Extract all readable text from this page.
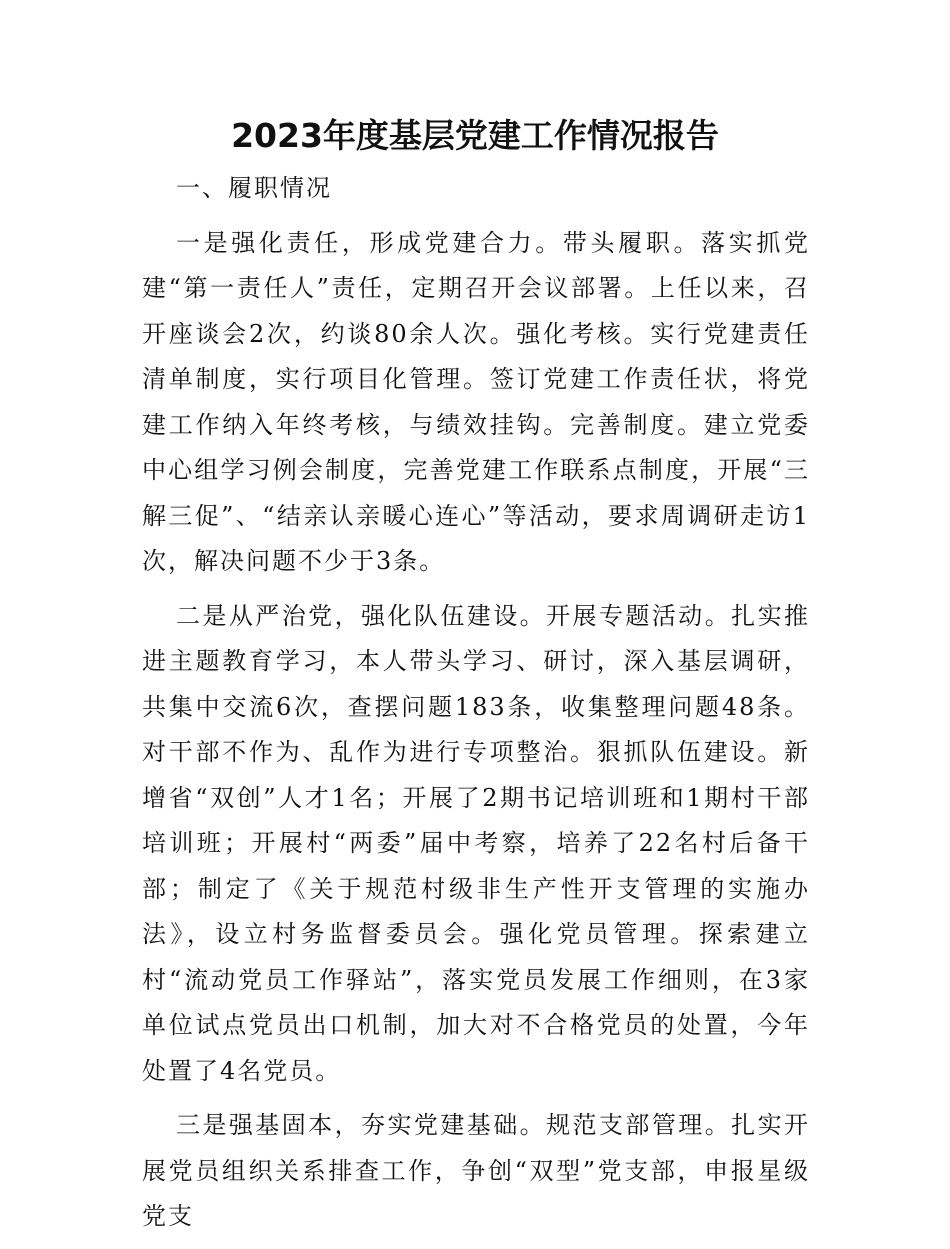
2023年度基层党建工作情况报告

一、履职情况

一是强化责任，形成党建合力。带头履职。落实抓党建“第一责任人”责任，定期召开会议部署。上任以来，召开座谈会2次，约谈80余人次。强化考核。实行党建责任清单制度，实行项目化管理。签订党建工作责任状，将党建工作纳入年终考核，与绩效挂钩。完善制度。建立党委中心组学习例会制度，完善党建工作联系点制度，开展“三解三促”、“结亲认亲暖心连心”等活动，要求周调研走访1次，解决问题不少于3条。

二是从严治党，强化队伍建设。开展专题活动。扎实推进主题教育学习，本人带头学习、研讨，深入基层调研，共集中交流6次，查摆问题183条，收集整理问题48条。对干部不作为、乱作为进行专项整治。狠抓队伍建设。新增省“双创”人才1名；开展了2期书记培训班和1期村干部培训班；开展村“两委”届中考察，培养了22名村后备干部；制定了《关于规范村级非生产性开支管理的实施办法》，设立村务监督委员会。强化党员管理。探索建立村“流动党员工作驿站”，落实党员发展工作细则，在3家单位试点党员出口机制，加大对不合格党员的处置，今年处置了4名党员。

三是强基固本，夯实党建基础。规范支部管理。扎实开展党员组织关系排查工作，争创“双型”党支部，申报星级党支
